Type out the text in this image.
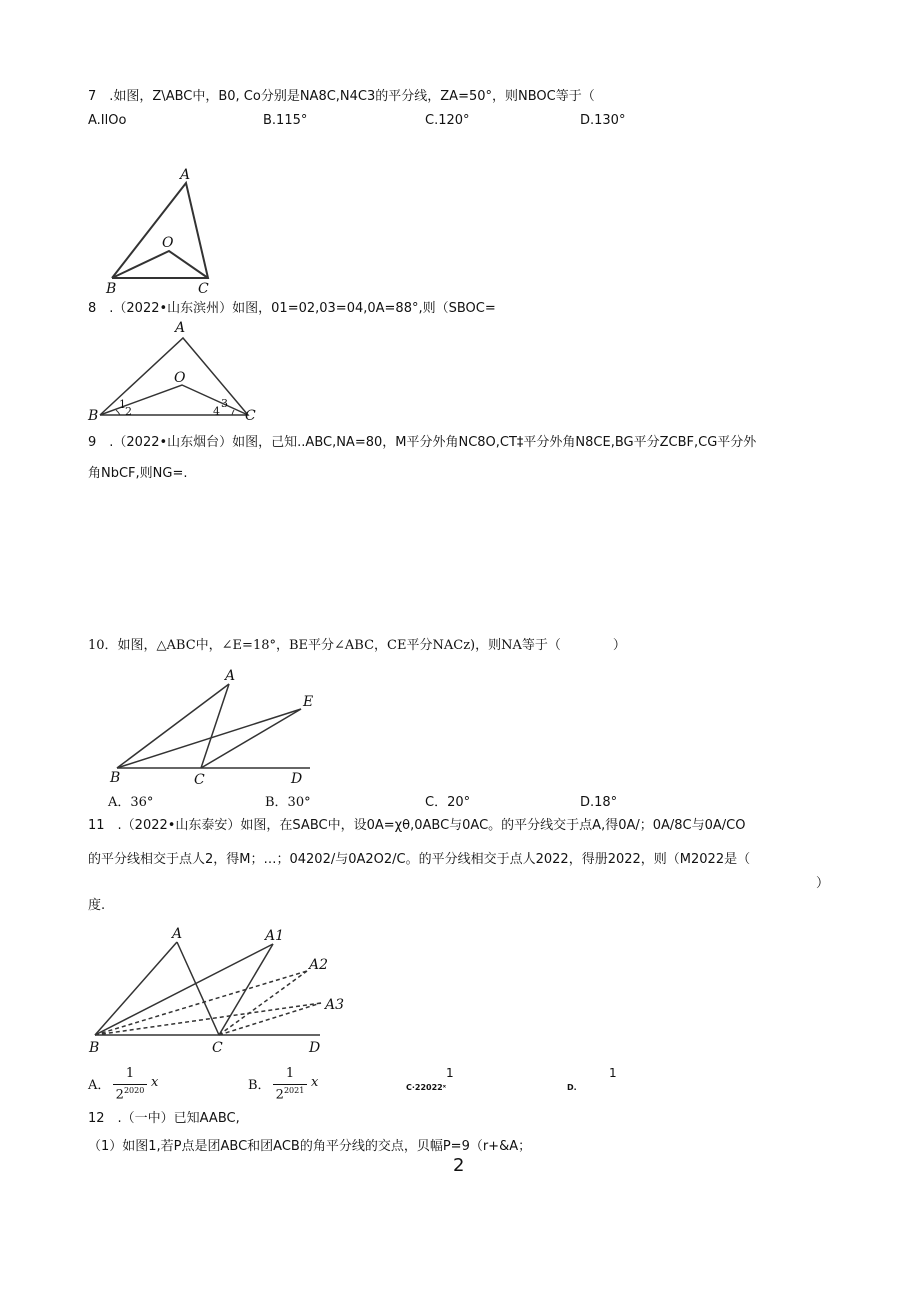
7　.如图，Z\ABC中，B0, Co分别是NA8C,N4C3的平分线，ZA=50°，则NBOC等于（
A.IlOo	B.115°	C.120°	D.130°
A
O
B	C
8　.（2022•山东滨州）如图，01=02,03=04,0A=88°,则（SBOC=
A
O
B	C
1
2
3
4
9　.（2022•山东烟台）如图，己知..ABC,NA=80，M平分外角NC8O,CT‡平分外角N8CE,BG平分ZCBF,CG平分外
角NbCF,则NG=.
10．如图，△ABC中，∠E=18°，BE平分∠ABC，CE平分NACz)，则NA等于（　　　　）
A
E
B	C	D
A．36°	B．30°	C．20°	D.18°
11　.（2022•山东泰安）如图，在SABC中，设0A=χθ,0ABC与0AC。的平分线交于点A,得0A/；0A/8C与0A/CO
的平分线相交于点人2，得M；…；04202/与0A2O2/C。的平分线相交于点人2022，得册2022，则（M2022是（
）
度.
A	A1
A2
A3
B	C	D
A．
1
$2^{2020}$
x	B．
1
$2^{2021}$
x
1
C·22022ˣ
1
D.
12　.（一中）已知AABC,
（1）如图1,若P点是团ABC和团ACB的角平分线的交点，贝幅P=9（r+&A；
2
